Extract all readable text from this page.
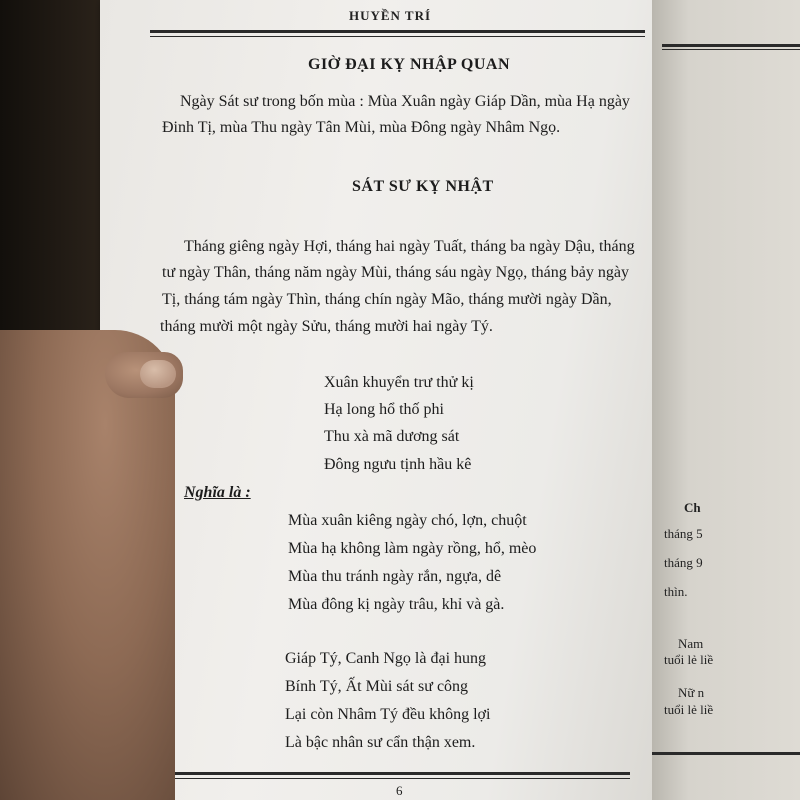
HUYỀN TRÍ
GIỜ ĐẠI KỴ NHẬP QUAN
Ngày Sát sư trong bốn mùa : Mùa Xuân ngày Giáp Dần, mùa Hạ ngày
Đinh Tị, mùa Thu ngày Tân Mùi, mùa Đông ngày Nhâm Ngọ.
SÁT SƯ KỴ NHẬT
Tháng giêng ngày Hợi, tháng hai ngày Tuất, tháng ba ngày Dậu, tháng
tư ngày Thân, tháng năm ngày Mùi, tháng sáu ngày Ngọ, tháng bảy ngày
Tị, tháng tám ngày Thìn, tháng chín ngày Mão, tháng mười ngày Dần,
tháng mười một ngày Sửu, tháng mười hai ngày Tý.
Xuân khuyển trư thử kị
Hạ long hổ thố phi
Thu xà mã dương sát
Đông ngưu tịnh hầu kê
Nghĩa là :
Mùa xuân kiêng ngày chó, lợn, chuột
Mùa hạ không làm ngày rồng, hổ, mèo
Mùa thu tránh ngày rắn, ngựa, dê
Mùa đông kị ngày trâu, khỉ và gà.
Giáp Tý, Canh Ngọ là đại hung
Bính Tý, Ất Mùi sát sư công
Lại còn Nhâm Tý đều không lợi
Là bậc nhân sư cẩn thận xem.
6
Ch
tháng 5
tháng 9
thìn.
Nam
tuổi lẻ liề
Nữ n
tuổi lẻ liề
